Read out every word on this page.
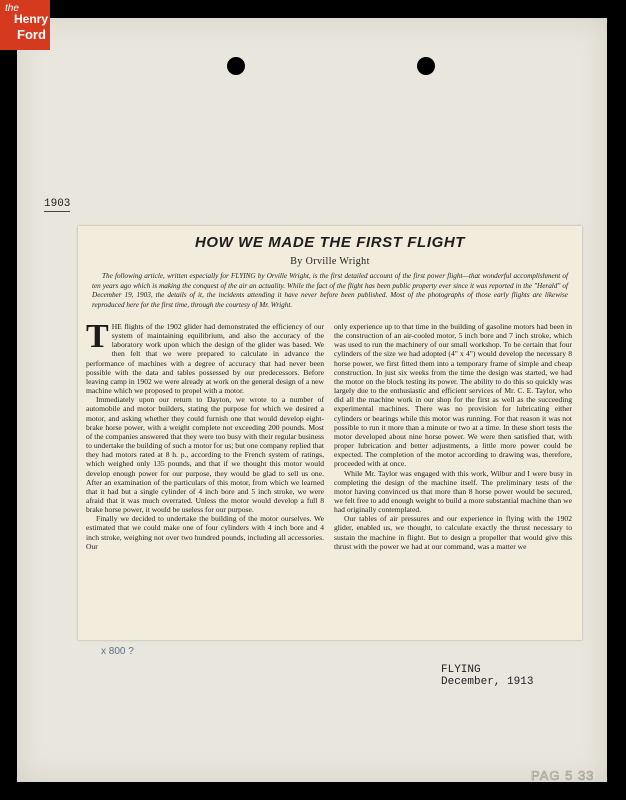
1903
HOW WE MADE THE FIRST FLIGHT
By Orville Wright
The following article, written especially for FLYING by Orville Wright, is the first detailed account of the first power flight—that wonderful accomplishment of ten years ago which is making the conquest of the air an actuality. While the fact of the flight has been public property ever since it was reported in the "Herald" of December 19, 1903, the details of it, the incidents attending it have never before been published. Most of the photographs of those early flights are likewise reproduced here for the first time, through the courtesy of Mr. Wright.

THE flights of the 1902 glider had demonstrated the efficiency of our system of maintaining equilibrium, and also the accuracy of the laboratory work upon which the design of the glider was based. We then felt that we were prepared to calculate in advance the performance of machines with a degree of accuracy that had never been possible with the data and tables possessed by our predecessors. Before leaving camp in 1902 we were already at work on the general design of a new machine which we proposed to propel with a motor.

Immediately upon our return to Dayton, we wrote to a number of automobile and motor builders, stating the purpose for which we desired a motor, and asking whether they could furnish one that would develop eight-brake horse power, with a weight complete not exceeding 200 pounds. Most of the companies answered that they were too busy with their regular business to undertake the building of such a motor for us; but one company replied that they had motors rated at 8 h. p., according to the French system of ratings, which weighed only 135 pounds, and that if we thought this motor would develop enough power for our purpose, they would be glad to sell us one. After an examination of the particulars of this motor, from which we learned that it had but a single cylinder of 4 inch bore and 5 inch stroke, we were afraid that it was much overrated. Unless the motor would develop a full 8 brake horse power, it would be useless for our purpose.

Finally we decided to undertake the building of the motor ourselves. We estimated that we could make one of four cylinders with 4 inch bore and 4 inch stroke, weighing not over two hundred pounds, including all accessories. Our

only experience up to that time in the building of gasoline motors had been in the construction of an air-cooled motor, 5 inch bore and 7 inch stroke, which was used to run the machinery of our small workshop. To be certain that four cylinders of the size we had adopted (4" x 4") would develop the necessary 8 horse power, we first fitted them into a temporary frame of simple and cheap construction. In just six weeks from the time the design was started, we had the motor on the block testing its power. The ability to do this so quickly was largely due to the enthusiastic and efficient services of Mr. C. E. Taylor, who did all the machine work in our shop for the first as well as the succeeding experimental machines. There was no provision for lubricating either cylinders or bearings while this motor was running. For that reason it was not possible to run it more than a minute or two at a time. In these short tests the motor developed about nine horse power. We were then satisfied that, with proper lubrication and better adjustments, a little more power could be expected. The completion of the motor according to drawing was, therefore, proceeded with at once.

While Mr. Taylor was engaged with this work, Wilbur and I were busy in completing the design of the machine itself. The preliminary tests of the motor having convinced us that more than 8 horse power would be secured, we felt free to add enough weight to build a more substantial machine than we had originally contemplated.

Our tables of air pressures and our experience in flying with the 1902 glider, enabled us, we thought, to calculate exactly the thrust necessary to sustain the machine in flight. But to design a propeller that would give this thrust with the power we had at our command, was a matter we

x 800 ?
FLYING
December, 1913
PAG 5 33
the
Henry
Ford
